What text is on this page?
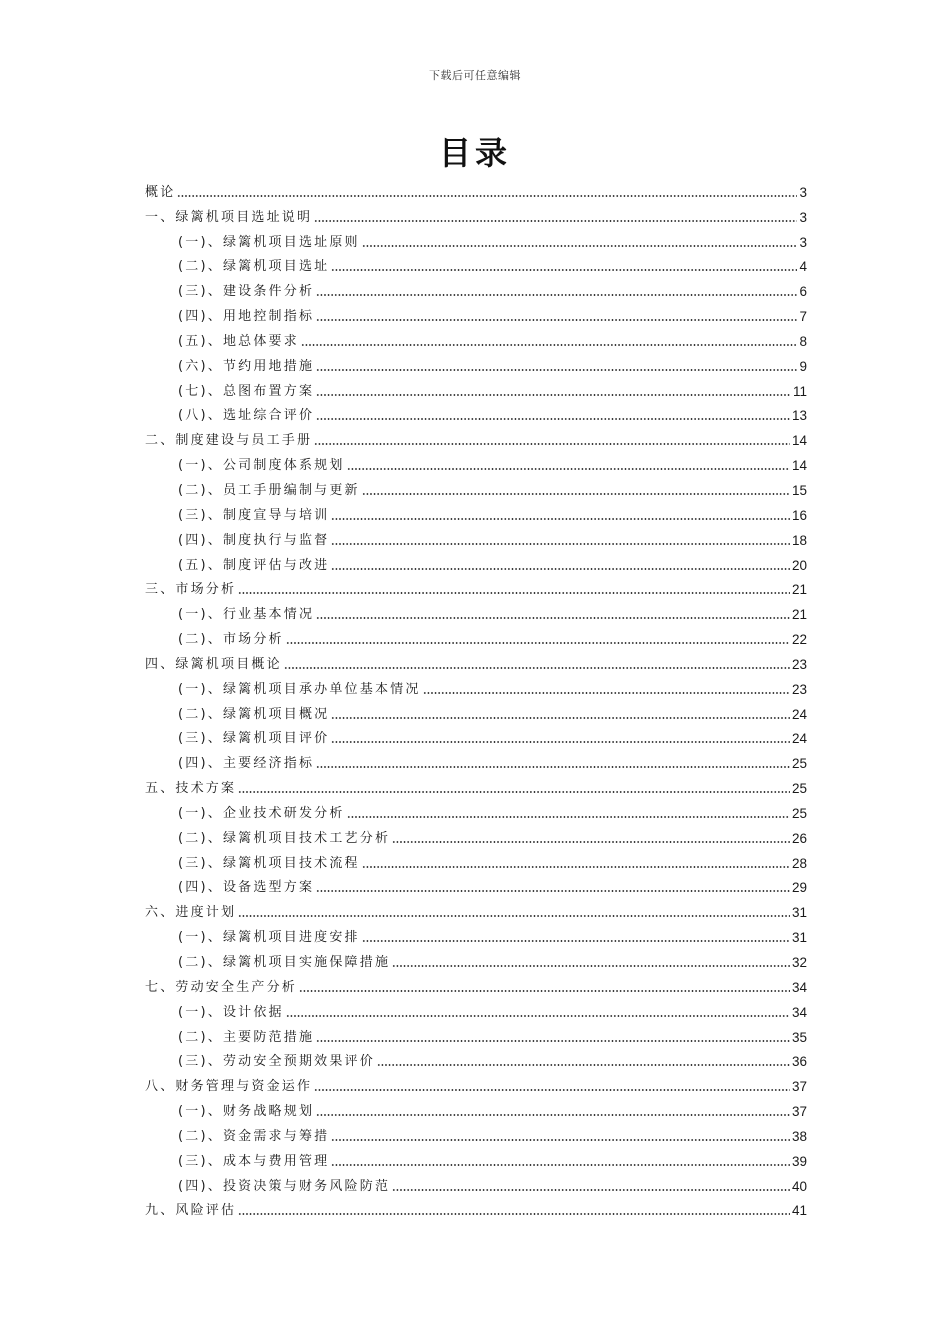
下载后可任意编辑
目录
概论	3
一、绿篱机项目选址说明	3
(一)、绿篱机项目选址原则	3
(二)、绿篱机项目选址	4
(三)、建设条件分析	6
(四)、用地控制指标	7
(五)、地总体要求	8
(六)、节约用地措施	9
(七)、总图布置方案	11
(八)、选址综合评价	13
二、制度建设与员工手册	14
(一)、公司制度体系规划	14
(二)、员工手册编制与更新	15
(三)、制度宣导与培训	16
(四)、制度执行与监督	18
(五)、制度评估与改进	20
三、市场分析	21
(一)、行业基本情况	21
(二)、市场分析	22
四、绿篱机项目概论	23
(一)、绿篱机项目承办单位基本情况	23
(二)、绿篱机项目概况	24
(三)、绿篱机项目评价	24
(四)、主要经济指标	25
五、技术方案	25
(一)、企业技术研发分析	25
(二)、绿篱机项目技术工艺分析	26
(三)、绿篱机项目技术流程	28
(四)、设备选型方案	29
六、进度计划	31
(一)、绿篱机项目进度安排	31
(二)、绿篱机项目实施保障措施	32
七、劳动安全生产分析	34
(一)、设计依据	34
(二)、主要防范措施	35
(三)、劳动安全预期效果评价	36
八、财务管理与资金运作	37
(一)、财务战略规划	37
(二)、资金需求与筹措	38
(三)、成本与费用管理	39
(四)、投资决策与财务风险防范	40
九、风险评估	41
